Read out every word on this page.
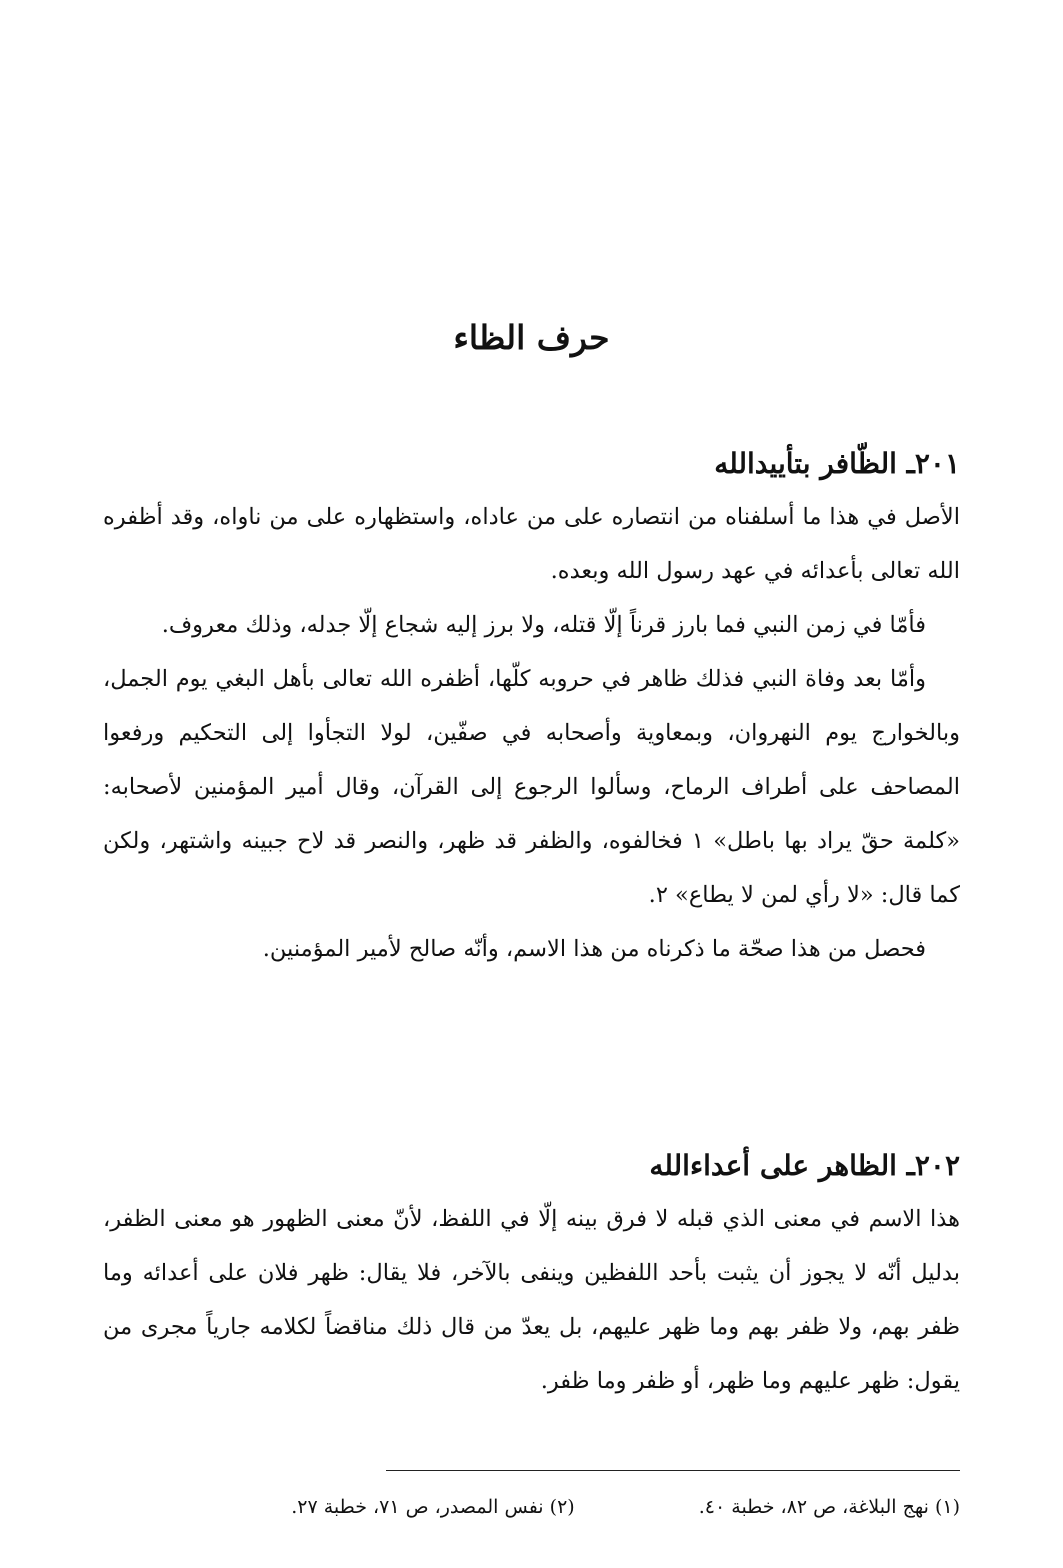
حرف الظاء
٢٠١ـ الظّافر بتأييدالله

الأصل في هذا ما أسلفناه من انتصاره على من عاداه، واستظهاره على من ناواه، وقد أظفره الله تعالى بأعدائه في عهد رسول الله وبعده.

فأمّا في زمن النبي فما بارز قرناً إلّا قتله، ولا برز إليه شجاع إلّا جدله، وذلك معروف.

وأمّا بعد وفاة النبي فذلك ظاهر في حروبه كلّها، أظفره الله تعالى بأهل البغي يوم الجمل، وبالخوارج يوم النهروان، وبمعاوية وأصحابه في صفّين، لولا التجأوا إلى التحكيم ورفعوا المصاحف على أطراف الرماح، وسألوا الرجوع إلى القرآن، وقال أمير المؤمنين لأصحابه: «كلمة حقّ يراد بها باطل» ١ فخالفوه، والظفر قد ظهر، والنصر قد لاح جبينه واشتهر، ولكن كما قال: «لا رأي لمن لا يطاع» ٢.

فحصل من هذا صحّة ما ذكرناه من هذا الاسم، وأنّه صالح لأمير المؤمنين.

٢٠٢ـ الظاهر على أعداءالله

هذا الاسم في معنى الذي قبله لا فرق بينه إلّا في اللفظ، لأنّ معنى الظهور هو معنى الظفر، بدليل أنّه لا يجوز أن يثبت بأحد اللفظين وينفى بالآخر، فلا يقال: ظهر فلان على أعدائه وما ظفر بهم، ولا ظفر بهم وما ظهر عليهم، بل يعدّ من قال ذلك مناقضاً لكلامه جارياً مجرى من يقول: ظهر عليهم وما ظهر، أو ظفر وما ظفر.

(١) نهج البلاغة، ص ٨٢، خطبة ٤٠. (٢) نفس المصدر، ص ٧١، خطبة ٢٧.
